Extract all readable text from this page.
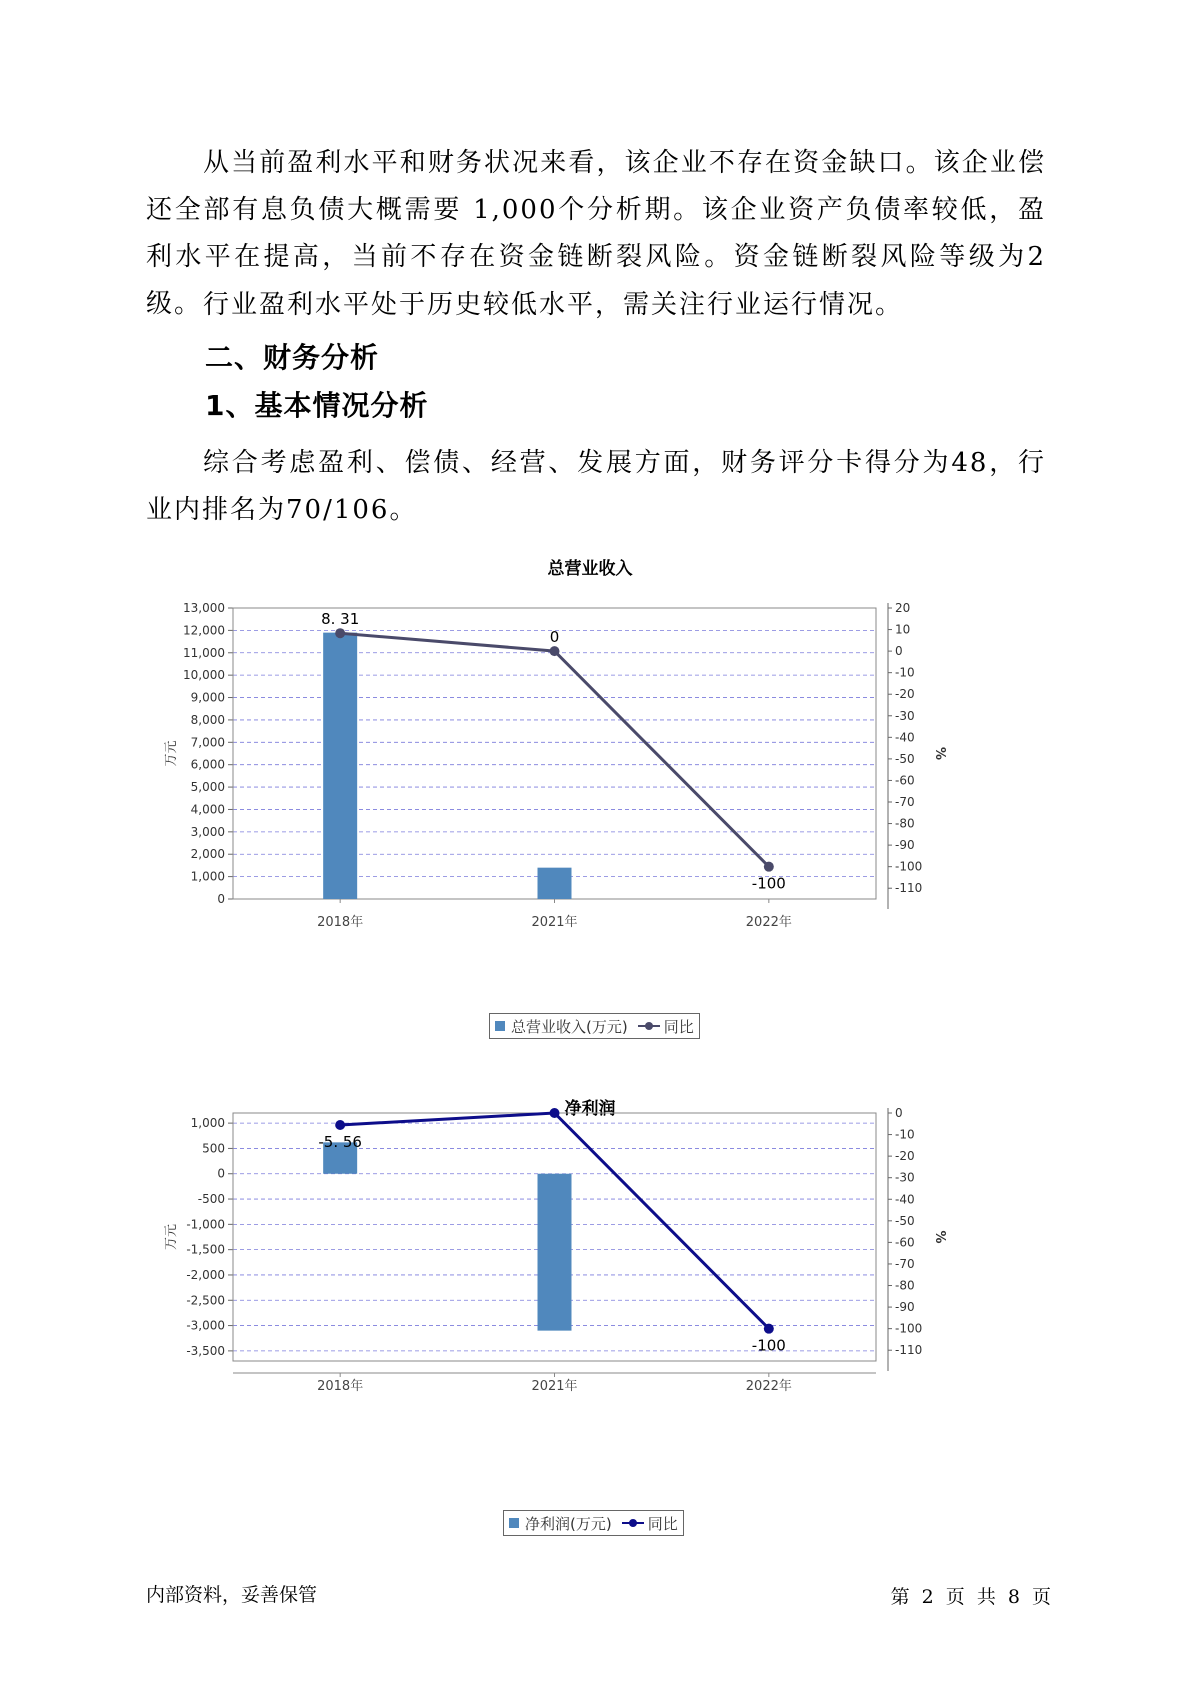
从当前盈利水平和财务状况来看，该企业不存在资金缺口。该企业偿还全部有息负债大概需要 1,000个分析期。该企业资产负债率较低，盈利水平在提高，当前不存在资金链断裂风险。资金链断裂风险等级为2级。 行业盈利水平处于历史较低水平，需关注行业运行情况。

二、财务分析
1、基本情况分析

综合考虑盈利、偿债、经营、发展方面，财务评分卡得分为48，行业内排名为70/106。

总营业收入
0
1,000
2,000
3,000
4,000
5,000
6,000
7,000
8,000
9,000
10,000
11,000
12,000
13,000	20
10
0
-10
-20
-30
-40
-50
-60
-70
-80
-90
-100
-110
万元	%
2018年	2021年	2022年
8. 31
0
-100
总营业收入(万元) 同比
净利润
1,000
500
0
-500
-1,000
-1,500
-2,000
-2,500
-3,000
-3,500
0
-10
-20
-30
-40
-50
-60
-70
-80
-90
-100
-110
万元	%
2018年	2021年	2022年
-5. 56
-100
净利润(万元) 同比
内部资料，妥善保管	第 2 页 共 8 页
